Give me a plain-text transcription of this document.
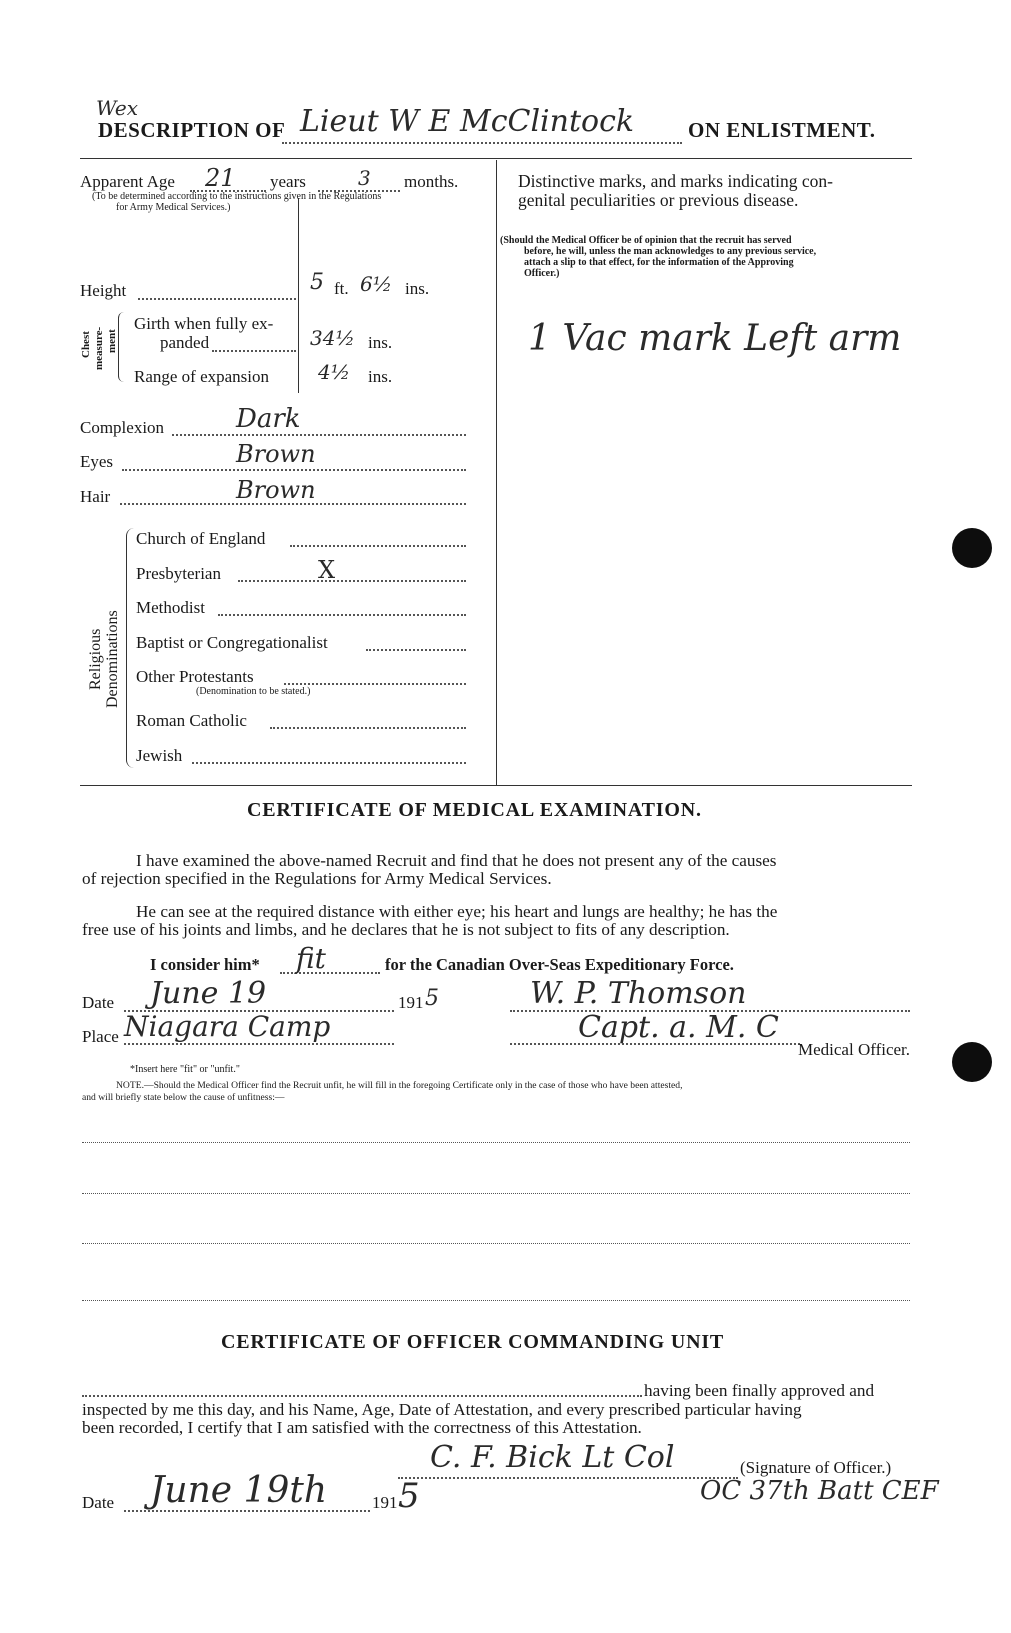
Wex
DESCRIPTION OF Lieut W E McClintock	ON ENLISTMENT.
Apparent Age 21 years	3 months.
(To be determined according to the instructions given in the Regulations
for Army Medical Services.)
Height	5 ft. 6½ ins.
Chest measure- ment
Girth when fully ex-
panded	34½ ins.
Range of expansion 4½ ins.
Complexion	Dark
Eyes	Brown
Hair	Brown
Religious Denominations
Church of England
Presbyterian	X
Methodist
Baptist or Congregationalist
Other Protestants
(Denomination to be stated.)
Roman Catholic
Jewish
Distinctive marks, and marks indicating con-
genital peculiarities or previous disease.
(Should the Medical Officer be of opinion that the recruit has served
before, he will, unless the man acknowledges to any previous service,
attach a slip to that effect, for the information of the Approving
Officer.)
1 Vac mark Left arm
CERTIFICATE OF MEDICAL EXAMINATION.
I have examined the above-named Recruit and find that he does not present any of the causes
of rejection specified in the Regulations for Army Medical Services.
He can see at the required distance with either eye; his heart and lungs are healthy; he has the
free use of his joints and limbs, and he declares that he is not subject to fits of any description.
I consider him* fit	for the Canadian Over-Seas Expeditionary Force.
Date June 19	191 5	W. P. Thomson
Place Niagara Camp	Capt. a. M. C
Medical Officer.
*Insert here "fit" or "unfit."
NOTE.—Should the Medical Officer find the Recruit unfit, he will fill in the foregoing Certificate only in the case of those who have been attested,
and will briefly state below the cause of unfitness:—
CERTIFICATE OF OFFICER COMMANDING UNIT
having been finally approved and
inspected by me this day, and his Name, Age, Date of Attestation, and every prescribed particular having
been recorded, I certify that I am satisfied with the correctness of this Attestation.
C. F. Bick Lt Col	(Signature of Officer.)
OC 37th Batt CEF
Date June 19th	191 5
